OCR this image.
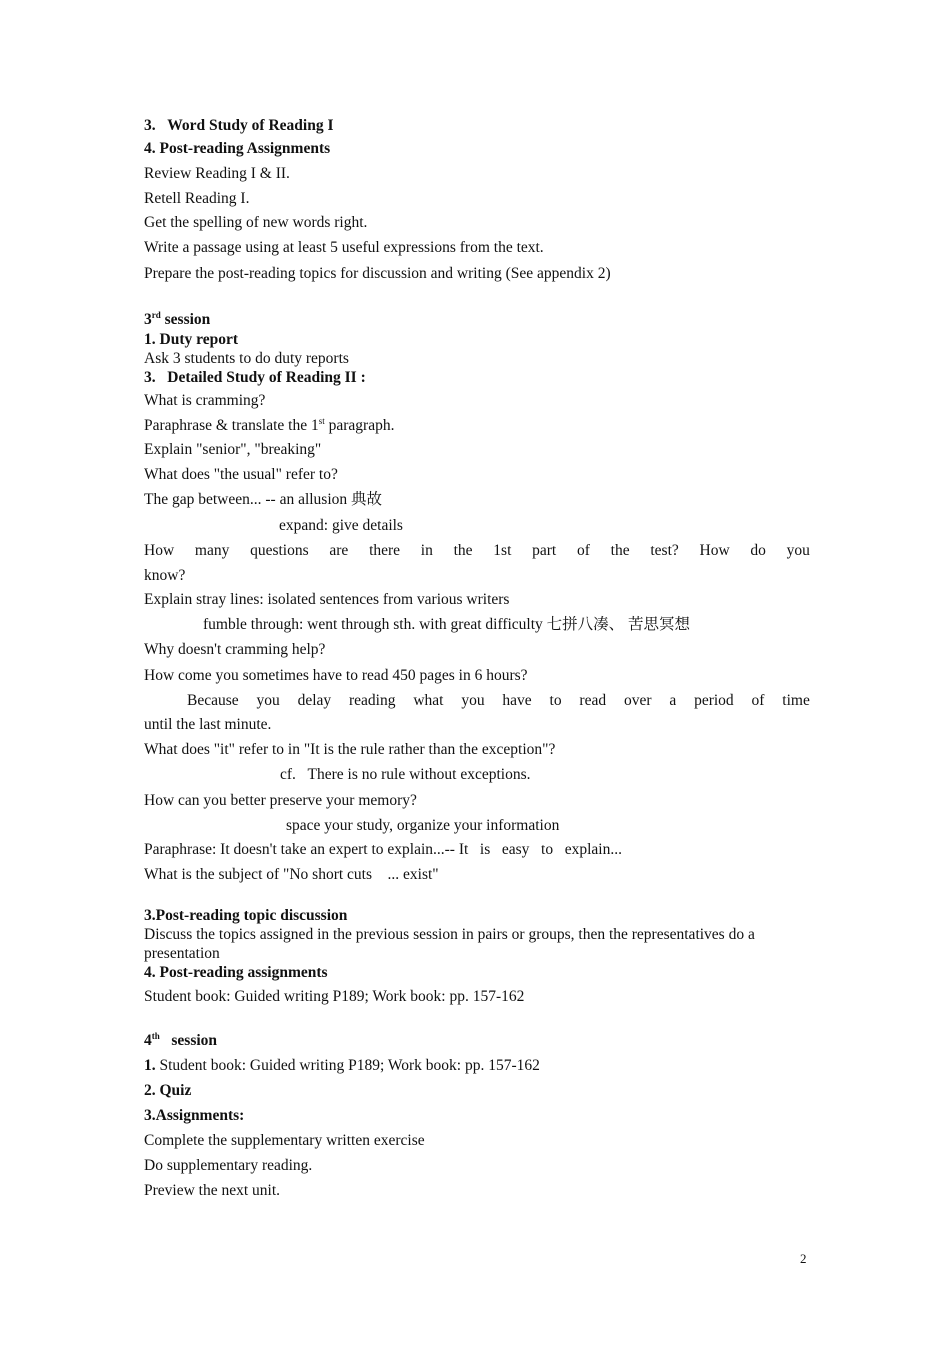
3.   Word Study of Reading I
4. Post-reading Assignments
Review Reading I & II.
Retell Reading I.
Get the spelling of new words right.
Write a passage using at least 5 useful expressions from the text.
Prepare the post-reading topics for discussion and writing (See appendix 2)
3rd session
1. Duty report
Ask 3 students to do duty reports
3.   Detailed Study of Reading II :
What is cramming?
Paraphrase & translate the 1st paragraph.
Explain "senior", "breaking"
What does "the usual" refer to?
The gap between... -- an allusion 典故
expand: give details
How many questions are there in the 1st part of the test? How do you
know?
Explain stray lines: isolated sentences from various writers
fumble through: went through sth. with great difficulty 七拼八凑、 苦思冥想
Why doesn't cramming help?
How come you sometimes have to read 450 pages in 6 hours?
Because you delay reading what you have to read over a period of time
until the last minute.
What does "it" refer to in "It is the rule rather than the exception"?
cf.   There is no rule without exceptions.
How can you better preserve your memory?
space your study, organize your information
Paraphrase: It doesn't take an expert to explain...-- It   is   easy   to   explain...
What is the subject of "No short cuts    ... exist"
3.Post-reading topic discussion
Discuss the topics assigned in the previous session in pairs or groups, then the representatives do a
presentation
4. Post-reading assignments
Student book: Guided writing P189; Work book: pp. 157-162
4th   session
1. Student book: Guided writing P189; Work book: pp. 157-162
2. Quiz
3.Assignments:
Complete the supplementary written exercise
Do supplementary reading.
Preview the next unit.
2
